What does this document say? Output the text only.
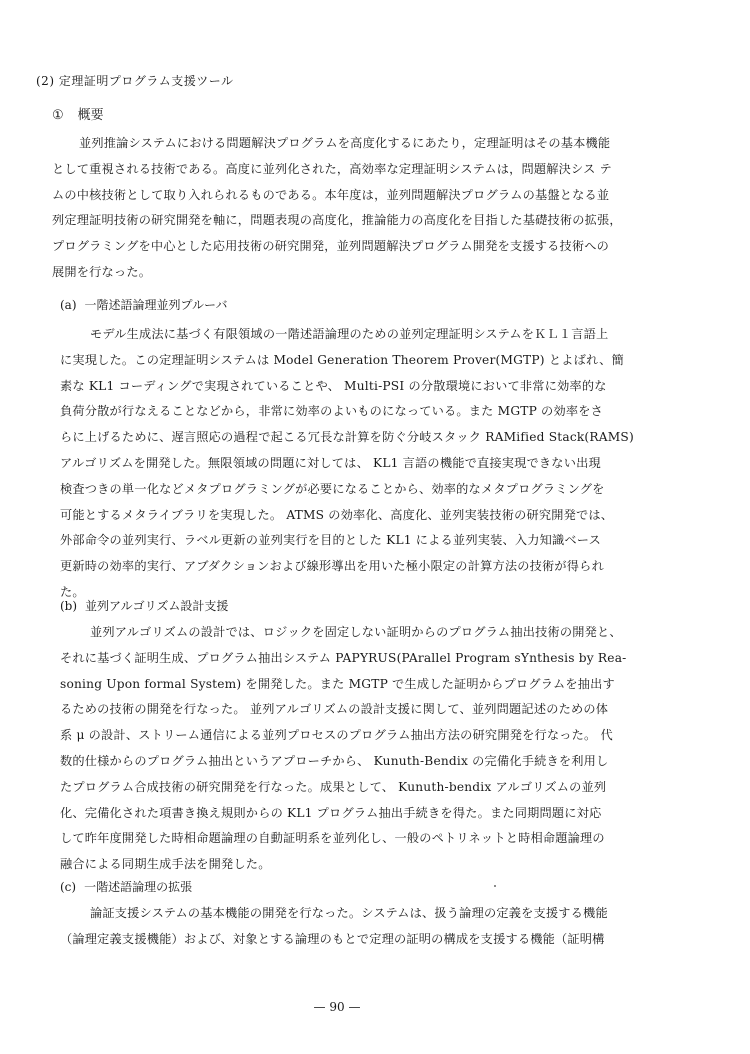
(2) 定理証明プログラム支援ツール
① 概要

並列推論システムにおける問題解決プログラムを高度化するにあたり，定理証明はその基本機能
として重視される技術である。高度に並列化された，高効率な定理証明システムは，問題解決シス テ
ムの中核技術として取り入れられるものである。本年度は，並列問題解決プログラムの基盤となる並
列定理証明技術の研究開発を軸に，問題表現の高度化，推論能力の高度化を目指した基礎技術の拡張，
プログラミングを中心とした応用技術の研究開発，並列問題解決プログラム開発を支援する技術への
展開を行なった。

(a) 一階述語論理並列プルーバ

モデル生成法に基づく有限領域の一階述語論理のための並列定理証明システムをＫＬ１言語上
に実現した。この定理証明システムは Model Generation Theorem Prover(MGTP) とよばれ、簡
素な KL1 コーディングで実現されていることや、 Multi-PSI の分散環境において非常に効率的な
負荷分散が行なえることなどから，非常に効率のよいものになっている。また MGTP の効率をさ
らに上げるために、遅言照応の過程で起こる冗長な計算を防ぐ分岐スタック RAMified Stack(RAMS)
アルゴリズムを開発した。無限領域の問題に対しては、 KL1 言語の機能で直接実現できない出現
検査つきの単一化などメタプログラミングが必要になることから、効率的なメタプログラミングを
可能とするメタライブラリを実現した。 ATMS の効率化、高度化、並列実装技術の研究開発では、
外部命令の並列実行、ラベル更新の並列実行を目的とした KL1 による並列実装、入力知識ベース
更新時の効率的実行、アブダクションおよび線形導出を用いた極小限定の計算方法の技術が得られ
た。

(b) 並列アルゴリズム設計支援

並列アルゴリズムの設計では、ロジックを固定しない証明からのプログラム抽出技術の開発と、
それに基づく証明生成、プログラム抽出システム PAPYRUS(PArallel Program sYnthesis by Rea-
soning Upon formal System) を開発した。また MGTP で生成した証明からプログラムを抽出す
るための技術の開発を行なった。 並列アルゴリズムの設計支援に関して、並列問題記述のための体
系 μ の設計、ストリーム通信による並列プロセスのプログラム抽出方法の研究開発を行なった。 代
数的仕様からのプログラム抽出というアプローチから、 Kunuth-Bendix の完備化手続きを利用し
たプログラム合成技術の研究開発を行なった。成果として、 Kunuth-bendix アルゴリズムの並列
化、完備化された項書き換え規則からの KL1 プログラム抽出手続きを得た。また同期問題に対応
して昨年度開発した時相命題論理の自動証明系を並列化し、一般のペトリネットと時相命題論理の
融合による同期生成手法を開発した。

(c) 一階述語論理の拡張

論証支援システムの基本機能の開発を行なった。システムは、扱う論理の定義を支援する機能
（論理定義支援機能）および、対象とする論理のもとで定理の証明の構成を支援する機能（証明構

— 90 —
